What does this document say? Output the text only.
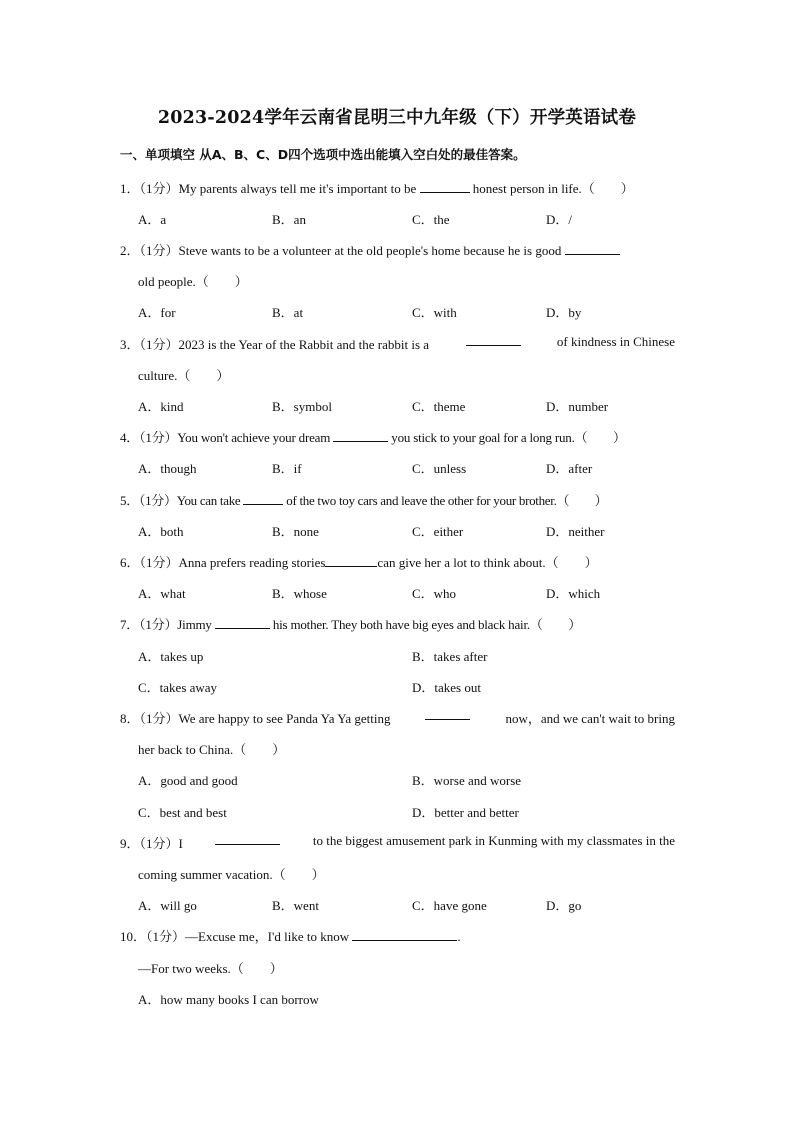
2023-2024学年云南省昆明三中九年级（下）开学英语试卷
一、单项填空 从A、B、C、D四个选项中选出能填入空白处的最佳答案。
1．（1分）My parents always tell me it's important to be	honest person in life.（　　）
A．a	B．an	C．the	D．/
2．（1分）Steve wants to be a volunteer at the old people's home because he is good
old people.（　　）
A．for	B．at	C．with	D．by
3．（1分）2023 is the Year of the Rabbit and the rabbit is a	of kindness in Chinese
culture.（　　）
A．kind	B．symbol	C．theme	D．number
4．（1分）You won't achieve your dream	you stick to your goal for a long run.（　　）
A．though	B．if	C．unless	D．after
5．（1分）You can take	of the two toy cars and leave the other for your brother.（　　）
A．both	B．none	C．either	D．neither
6．（1分）Anna prefers reading stories	can give her a lot to think about.（　　）
A．what	B．whose	C．who	D．which
7．（1分）Jimmy	his mother. They both have big eyes and black hair.（　　）
A．takes up	B．takes after
C．takes away	D．takes out
8．（1分）We are happy to see Panda Ya Ya getting	now，and we can't wait to bring
her back to China.（　　）
A．good and good	B．worse and worse
C．best and best	D．better and better
9．（1分）I	to the biggest amusement park in Kunming with my classmates in the
coming summer vacation.（　　）
A．will go	B．went	C．have gone	D．go
10．（1分）—Excuse me，I'd like to know	.
—For two weeks.（　　）
A．how many books I can borrow
